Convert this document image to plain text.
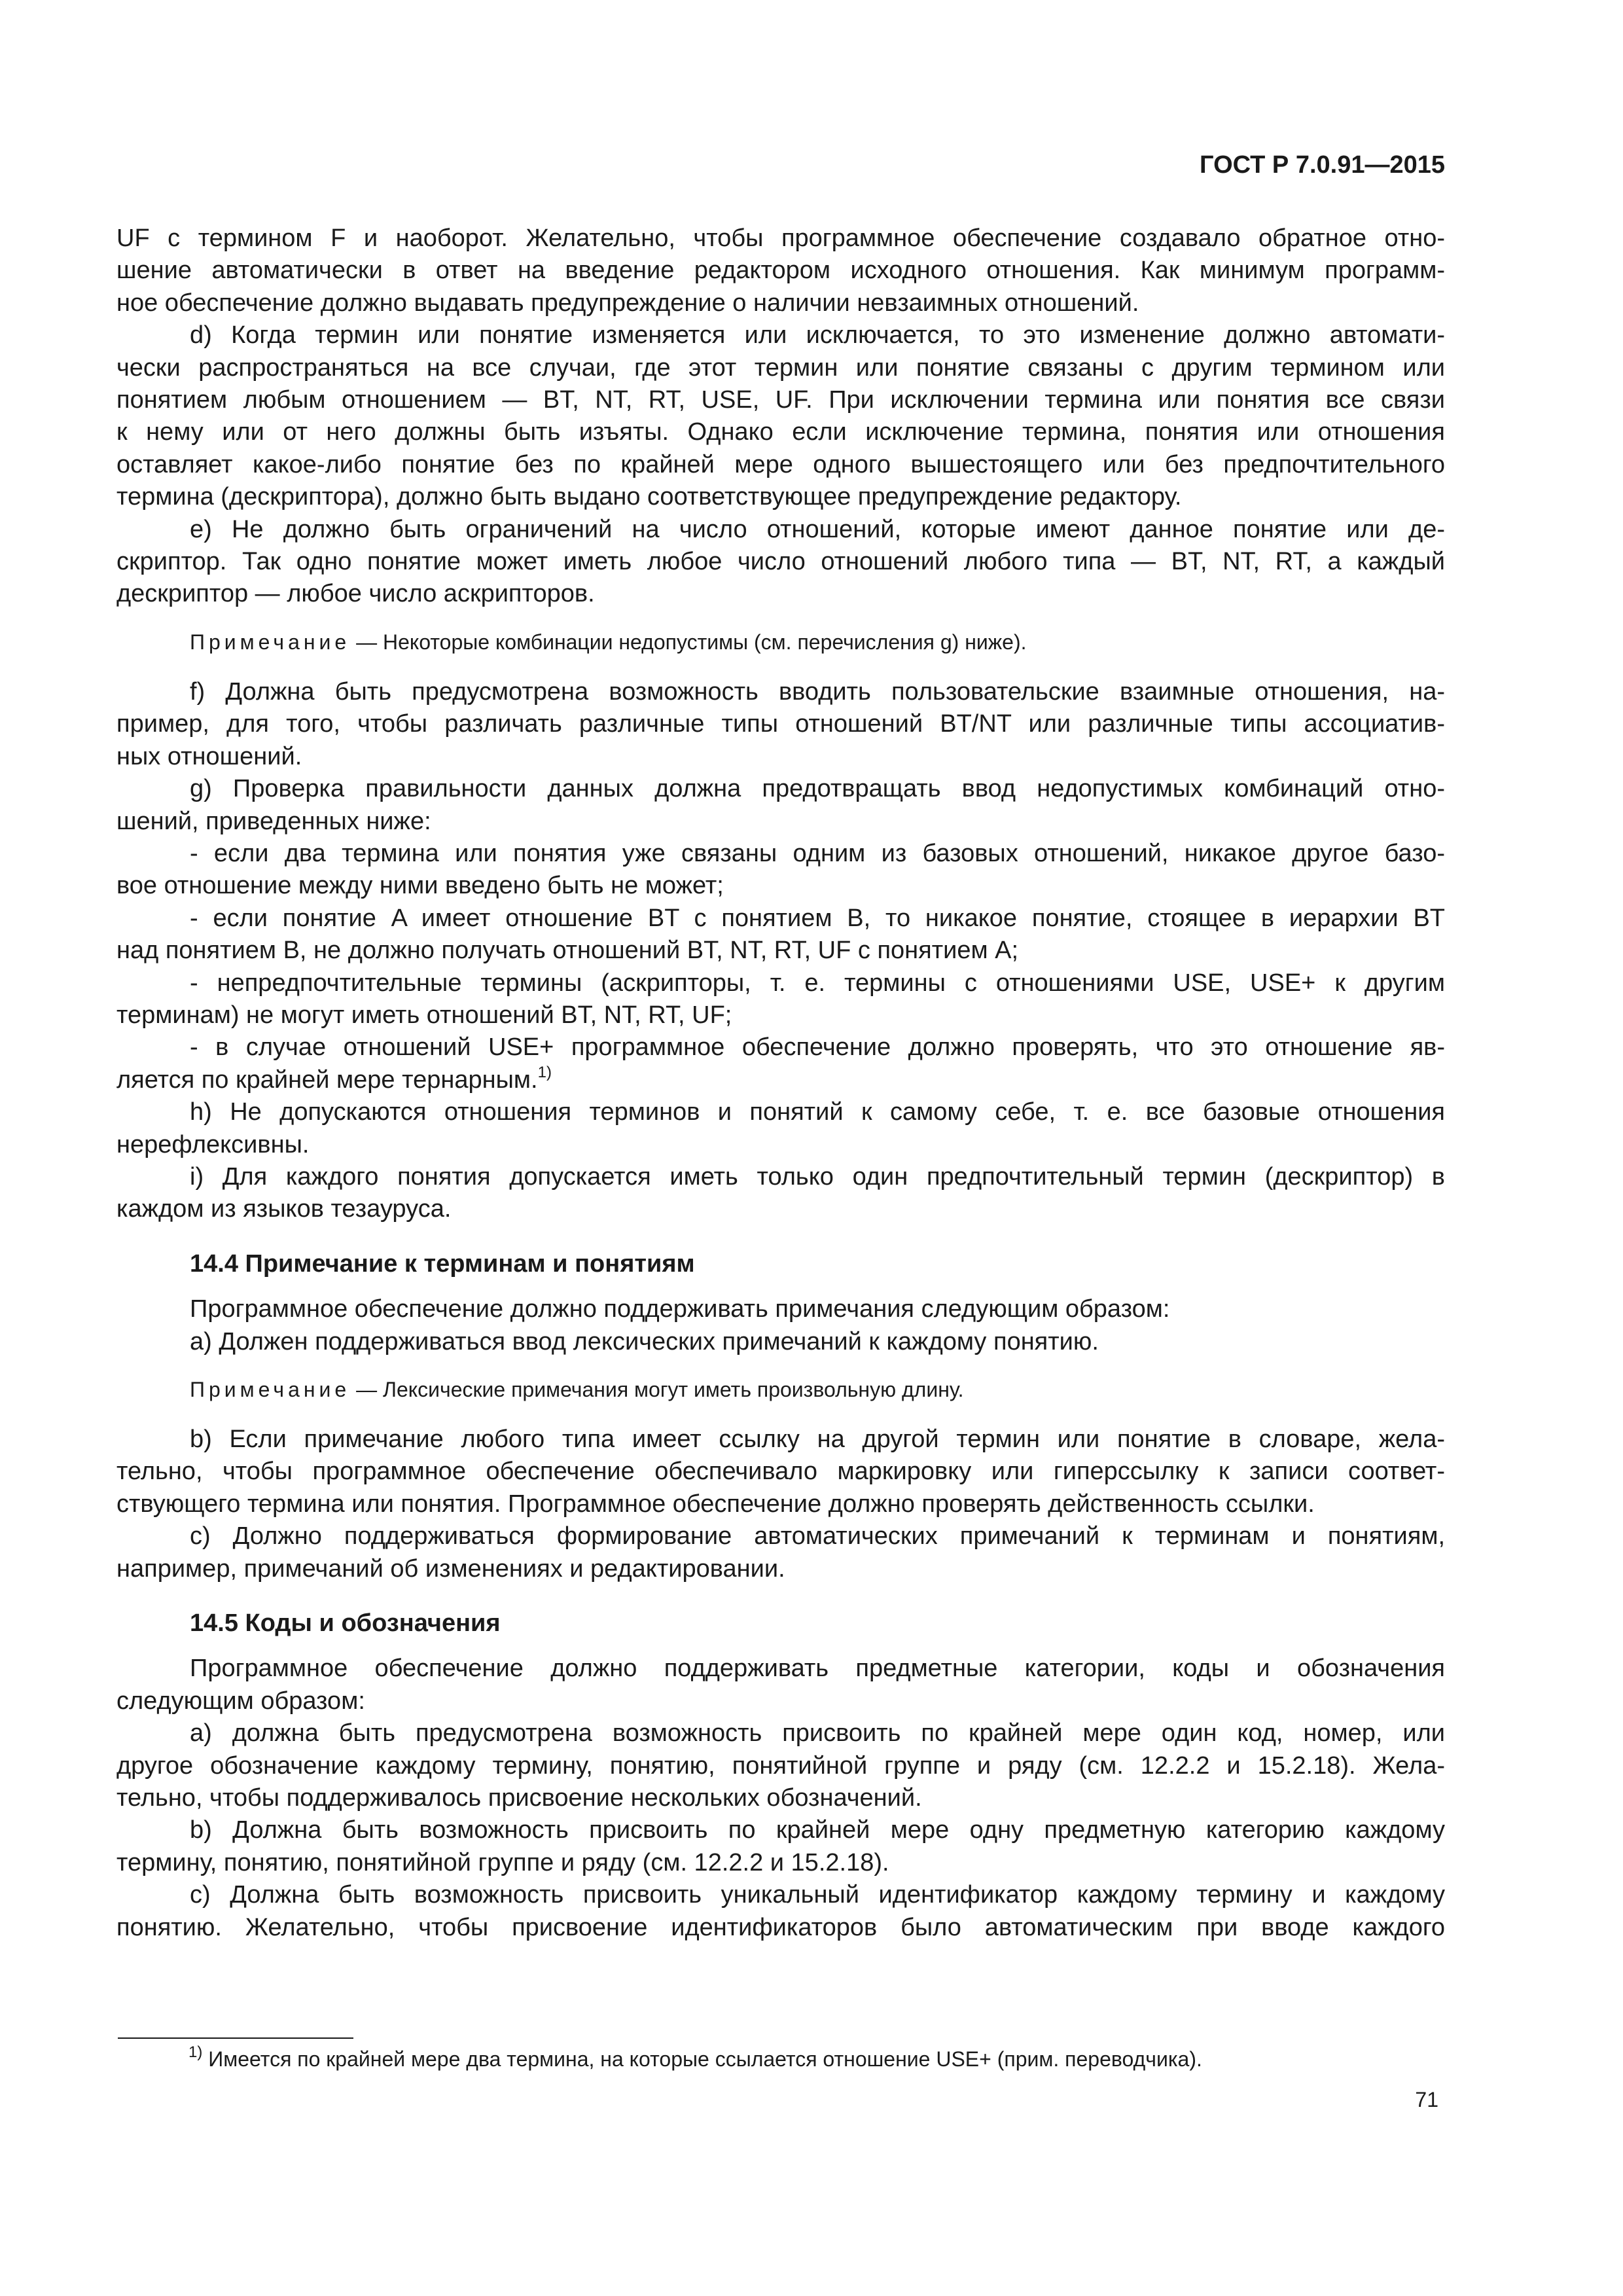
ГОСТ Р 7.0.91—2015

UF с термином F и наоборот. Желательно, чтобы программное обеспечение создавало обратное отно-
шение автоматически в ответ на введение редактором исходного отношения. Как минимум программ-
ное обеспечение должно выдавать предупреждение о наличии невзаимных отношений.

d) Когда термин или понятие изменяется или исключается, то это изменение должно автомати-
чески распространяться на все случаи, где этот термин или понятие связаны с другим термином или
понятием любым отношением — BT, NT, RT, USE, UF. При исключении термина или понятия все связи
к нему или от него должны быть изъяты. Однако если исключение термина, понятия или отношения
оставляет какое-либо понятие без по крайней мере одного вышестоящего или без предпочтительного
термина (дескриптора), должно быть выдано соответствующее предупреждение редактору.

e) Не должно быть ограничений на число отношений, которые имеют данное понятие или де-
скриптор. Так одно понятие может иметь любое число отношений любого типа — BT, NT, RT, а каждый
дескриптор — любое число аскрипторов.

Примечание — Некоторые комбинации недопустимы (см. перечисления g) ниже).

f) Должна быть предусмотрена возможность вводить пользовательские взаимные отношения, на-
пример, для того, чтобы различать различные типы отношений BT/NT или различные типы ассоциатив-
ных отношений.

g) Проверка правильности данных должна предотвращать ввод недопустимых комбинаций отно-
шений, приведенных ниже:

- если два термина или понятия уже связаны одним из базовых отношений, никакое другое базо-
вое отношение между ними введено быть не может;

- если понятие A имеет отношение BT с понятием B, то никакое понятие, стоящее в иерархии BT
над понятием B, не должно получать отношений BT, NT, RT, UF с понятием A;

- непредпочтительные термины (аскрипторы, т. е. термины с отношениями USE, USE+ к другим
терминам) не могут иметь отношений BT, NT, RT, UF;

- в случае отношений USE+ программное обеспечение должно проверять, что это отношение яв-
ляется по крайней мере тернарным.$^{1)}$

h) Не допускаются отношения терминов и понятий к самому себе, т. е. все базовые отношения
нерефлексивны.

i) Для каждого понятия допускается иметь только один предпочтительный термин (дескриптор) в
каждом из языков тезауруса.

14.4 Примечание к терминам и понятиям

Программное обеспечение должно поддерживать примечания следующим образом:

a) Должен поддерживаться ввод лексических примечаний к каждому понятию.

Примечание — Лексические примечания могут иметь произвольную длину.

b) Если примечание любого типа имеет ссылку на другой термин или понятие в словаре, жела-
тельно, чтобы программное обеспечение обеспечивало маркировку или гиперссылку к записи соответ-
ствующего термина или понятия. Программное обеспечение должно проверять действенность ссылки.

c) Должно поддерживаться формирование автоматических примечаний к терминам и понятиям,
например, примечаний об изменениях и редактировании.

14.5 Коды и обозначения

Программное обеспечение должно поддерживать предметные категории, коды и обозначения
следующим образом:

a) должна быть предусмотрена возможность присвоить по крайней мере один код, номер, или
другое обозначение каждому термину, понятию, понятийной группе и ряду (см. 12.2.2 и 15.2.18). Жела-
тельно, чтобы поддерживалось присвоение нескольких обозначений.

b) Должна быть возможность присвоить по крайней мере одну предметную категорию каждому
термину, понятию, понятийной группе и ряду (см. 12.2.2 и 15.2.18).

c) Должна быть возможность присвоить уникальный идентификатор каждому термину и каждому
понятию. Желательно, чтобы присвоение идентификаторов было автоматическим при вводе каждого

$^{1)}$ Имеется по крайней мере два термина, на которые ссылается отношение USE+ (прим. переводчика).

71
